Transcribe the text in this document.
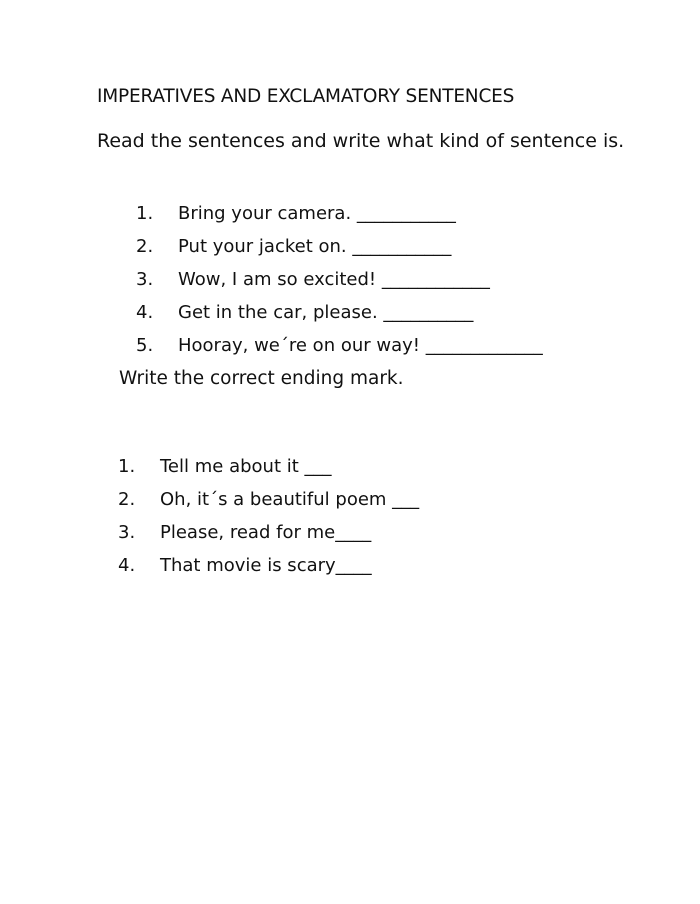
IMPERATIVES AND EXCLAMATORY SENTENCES
Read the sentences and write what kind of sentence is.
1.	Bring your camera. ___________
2.	Put your jacket on. ___________
3.	Wow, I am so excited! ____________
4.	Get in the car, please. __________
5.	Hooray, we´re on our way! _____________
Write the correct ending mark.
1.	Tell me about it ___
2.	Oh, it´s a beautiful poem ___
3.	Please, read for me____
4.	That movie is scary____
